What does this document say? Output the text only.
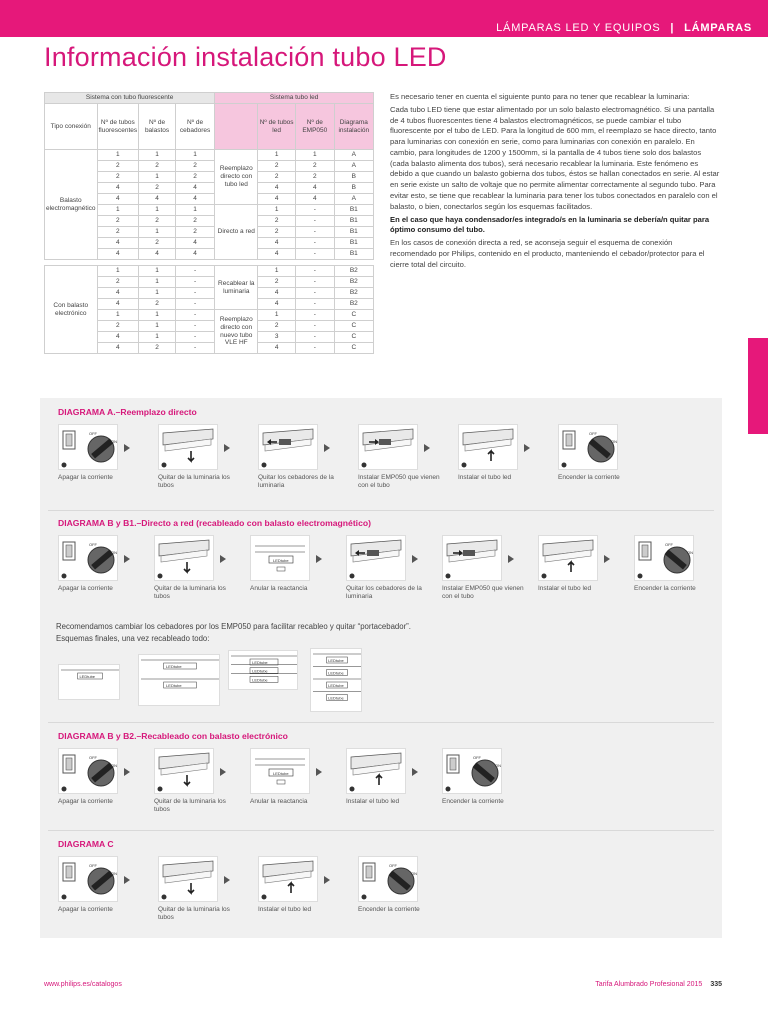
LÁMPARAS LED Y EQUIPOS | LÁMPARAS
Información instalación tubo LED
Sistema con tubo fluorescente				Sistema tubo led			
Tipo conexión	Nº de tubos fluorescentes	Nº de balastos	Nº de cebadores		Nº de tubos led	Nº de EMP050	Diagrama instalación
Balasto electromagnético	1	1	1	Reemplazo directo con tubo led	1	1	A
	2	2	2		2	2	A
	2	1	2		2	2	B
	4	2	4		4	4	B
	4	4	4		4	4	A
	1	1	1	Directo a red	1	-	B1
	2	2	2		2	-	B1
	2	1	2		2	-	B1
	4	2	4		4	-	B1
	4	4	4		4	-	B1

Con balasto electrónico	1	1	-	Recablear la luminaria	1	-	B2
	2	1	-		2	-	B2
	4	1	-		4	-	B2
	4	2	-		4	-	B2
	1	1	-	Reemplazo directo con nuevo tubo VLE HF	1	-	C
	2	1	-		2	-	C
	4	1	-		3	-	C
	4	2	-		4	-	C

Es necesario tener en cuenta el siguiente punto para no tener que recablear la luminaria:

Cada tubo LED tiene que estar alimentado por un solo balasto electromagnético. Si una pantalla de 4 tubos fluorescentes tiene 4 balastos electromagnéticos, se puede cambiar el tubo fluorescente por el tubo de LED. Para la longitud de 600 mm, el reemplazo se hace directo, tanto para luminarias con conexión en serie, como para luminarias con conexión en paralelo. En cambio, para longitudes de 1200 y 1500mm, si la pantalla de 4 tubos tiene solo dos balastos (cada balasto alimenta dos tubos), será necesario recablear la luminaria. Este fenómeno es debido a que cuando un balasto gobierna dos tubos, éstos se hallan conectados en serie. Al estar en serie existe un salto de voltaje que no permite alimentar correctamente al segundo tubo. Para evitar esto, se tiene que recablear la luminaria para tener los tubos conectados en paralelo con el balasto, o bien, conectarlos según los esquemas facilitados.

En el caso que haya condensador/es integrado/s en la luminaria se debería/n quitar para óptimo consumo del tubo.

En los casos de conexión directa a red, se aconseja seguir el esquema de conexión recomendado por Philips, contenido en el producto, manteniendo el cebador/protector para el cierre total del circuito.

DIAGRAMA A.–Reemplazo directo
OFF
ON
Apagar la corriente	Quitar de la luminaria los tubos
Quitar los cebadores de la luminaria
Instalar EMP050 que vienen con el tubo
Instalar el tubo led
OFF
ON
Encender la corriente
DIAGRAMA B y B1.–Directo a red (recableado con balasto electromagnético)
OFF
ON
Apagar la corriente	Quitar de la luminaria los tubos
LEDtube
Anular la reactancia	Quitar los cebadores de la luminaria
Instalar EMP050 que vienen con el tubo
Instalar el tubo led
OFF
ON
Encender la corriente
Recomendamos cambiar los cebadores por los EMP050 para facilitar recableo y quitar “portacebador”.
Esquemas finales, una vez recableado todo:
LEDtube
LEDtube
LEDtube
LEDtube
LEDtube
LEDtube
LEDtube
LEDtube
LEDtube
LEDtube
DIAGRAMA B y B2.–Recableado con balasto electrónico
OFF
ON
Apagar la corriente	Quitar de la luminaria los tubos
LEDtube
Anular la reactancia	Instalar el tubo led
OFF
ON
Encender la corriente
DIAGRAMA C
OFF
ON
Apagar la corriente	Quitar de la luminaria los tubos
Instalar el tubo led
OFF
ON
Encender la corriente
www.philips.es/catalogos	Tarifa Alumbrado Profesional 2015 335
